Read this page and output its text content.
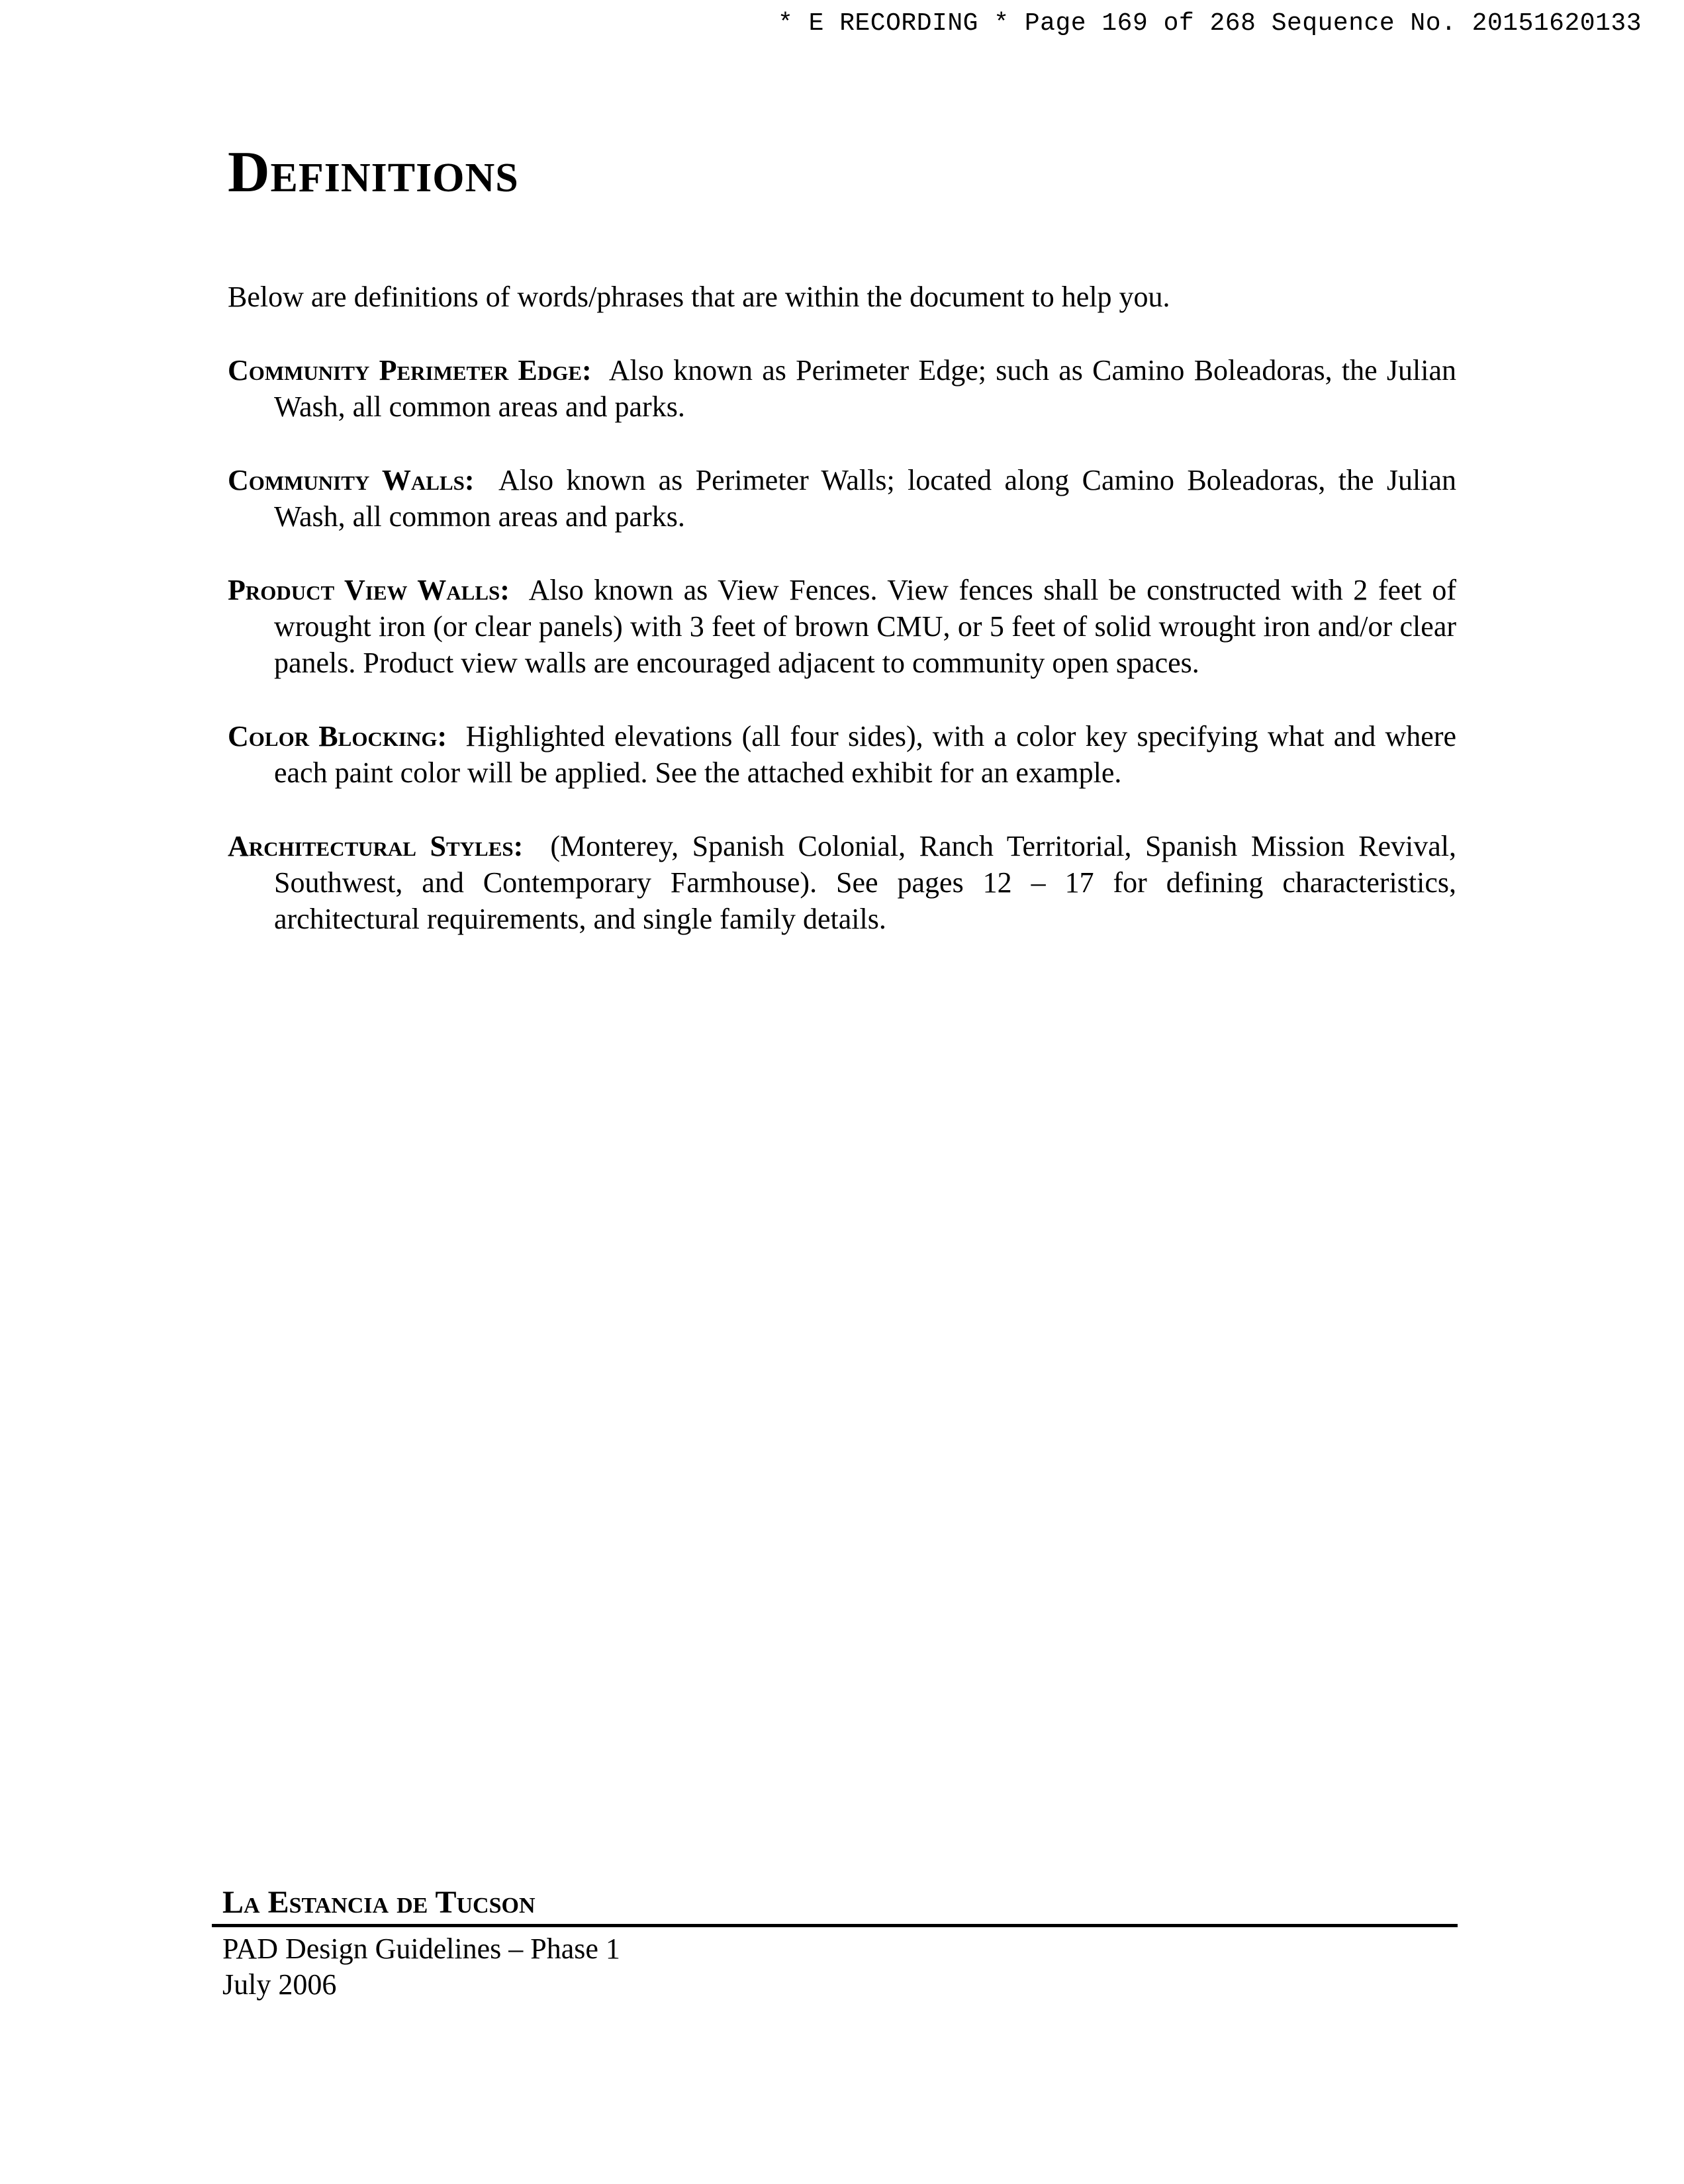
* E RECORDING * Page 169 of 268 Sequence No. 20151620133
Definitions

Below are definitions of words/phrases that are within the document to help you.

Community Perimeter Edge: Also known as Perimeter Edge; such as Camino Boleadoras, the Julian Wash, all common areas and parks.

Community Walls: Also known as Perimeter Walls; located along Camino Boleadoras, the Julian Wash, all common areas and parks.

Product View Walls: Also known as View Fences. View fences shall be constructed with 2 feet of wrought iron (or clear panels) with 3 feet of brown CMU, or 5 feet of solid wrought iron and/or clear panels. Product view walls are encouraged adjacent to community open spaces.

Color Blocking: Highlighted elevations (all four sides), with a color key specifying what and where each paint color will be applied. See the attached exhibit for an example.

Architectural Styles: (Monterey, Spanish Colonial, Ranch Territorial, Spanish Mission Revival, Southwest, and Contemporary Farmhouse). See pages 12 – 17 for defining characteristics, architectural requirements, and single family details.

La Estancia de Tucson

PAD Design Guidelines – Phase 1
July 2006
